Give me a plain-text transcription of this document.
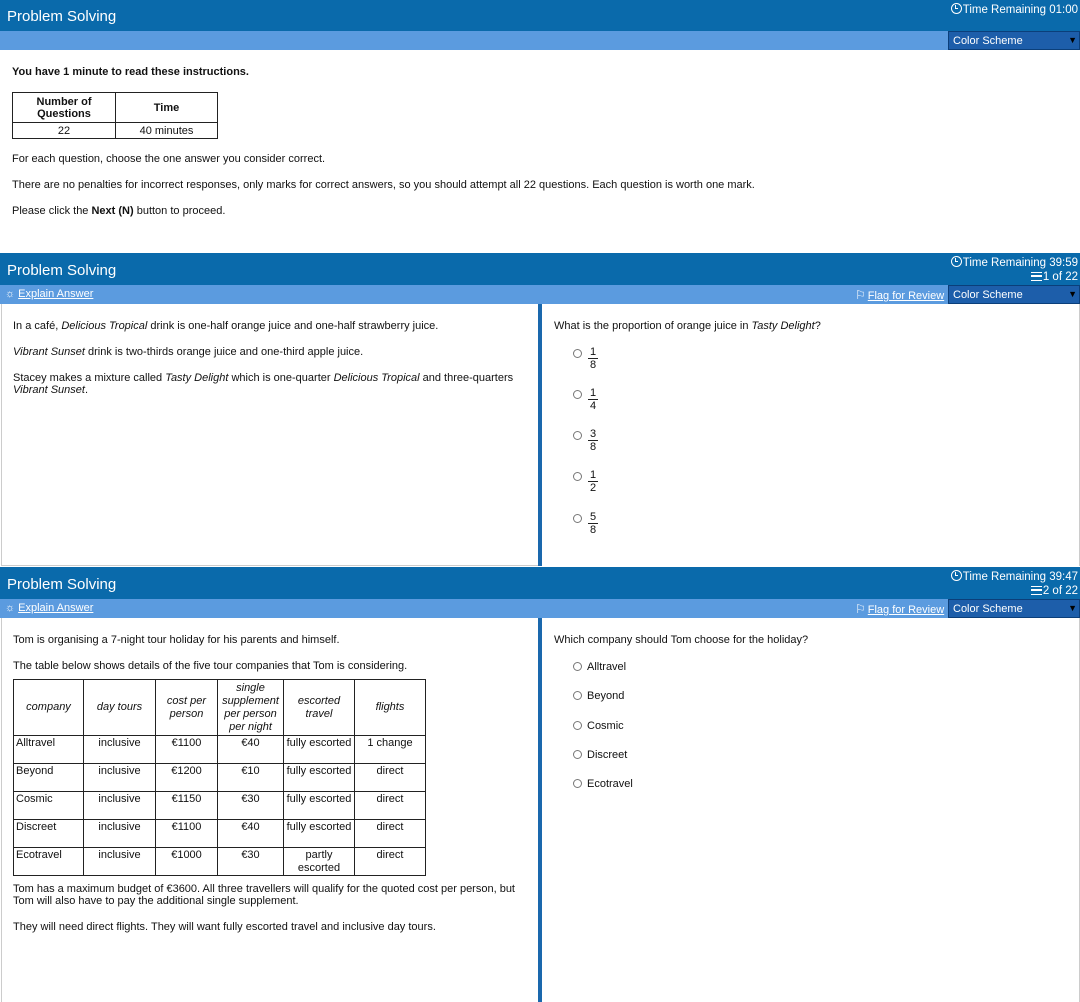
Problem Solving	Time Remaining 01:00
Color Scheme	▼

You have 1 minute to read these instructions.

Number of Questions	Time
22	40 minutes

For each question, choose the one answer you consider correct.

There are no penalties for incorrect responses, only marks for correct answers, so you should attempt all 22 questions. Each question is worth one mark.

Please click the Next (N) button to proceed.

Problem Solving	Time Remaining 39:59
1 of 22
☼ Explain Answer	⚐ Flag for Review Color Scheme	▼

In a café, Delicious Tropical drink is one-half orange juice and one-half strawberry juice.

Vibrant Sunset drink is two-thirds orange juice and one-third apple juice.

Stacey makes a mixture called Tasty Delight which is one-quarter Delicious Tropical and three-quarters
Vibrant Sunset.

What is the proportion of orange juice in Tasty Delight?

$\frac{1}{8}$
$\frac{1}{4}$
$\frac{3}{8}$
$\frac{1}{2}$
$\frac{5}{8}$
Problem Solving	Time Remaining 39:47
2 of 22
☼ Explain Answer	⚐ Flag for Review Color Scheme	▼

Tom is organising a 7-night tour holiday for his parents and himself.

The table below shows details of the five tour companies that Tom is considering.

company	day tours	cost per person	single supplement per person per night	escorted travel	flights
Alltravel	inclusive	€1100	€40	fully escorted	1 change
Beyond	inclusive	€1200	€10	fully escorted	direct
Cosmic	inclusive	€1150	€30	fully escorted	direct
Discreet	inclusive	€1100	€40	fully escorted	direct
Ecotravel	inclusive	€1000	€30	partly escorted	direct

Tom has a maximum budget of €3600. All three travellers will qualify for the quoted cost per person, but
Tom will also have to pay the additional single supplement.

They will need direct flights. They will want fully escorted travel and inclusive day tours.

Which company should Tom choose for the holiday?

Alltravel
Beyond
Cosmic
Discreet
Ecotravel
